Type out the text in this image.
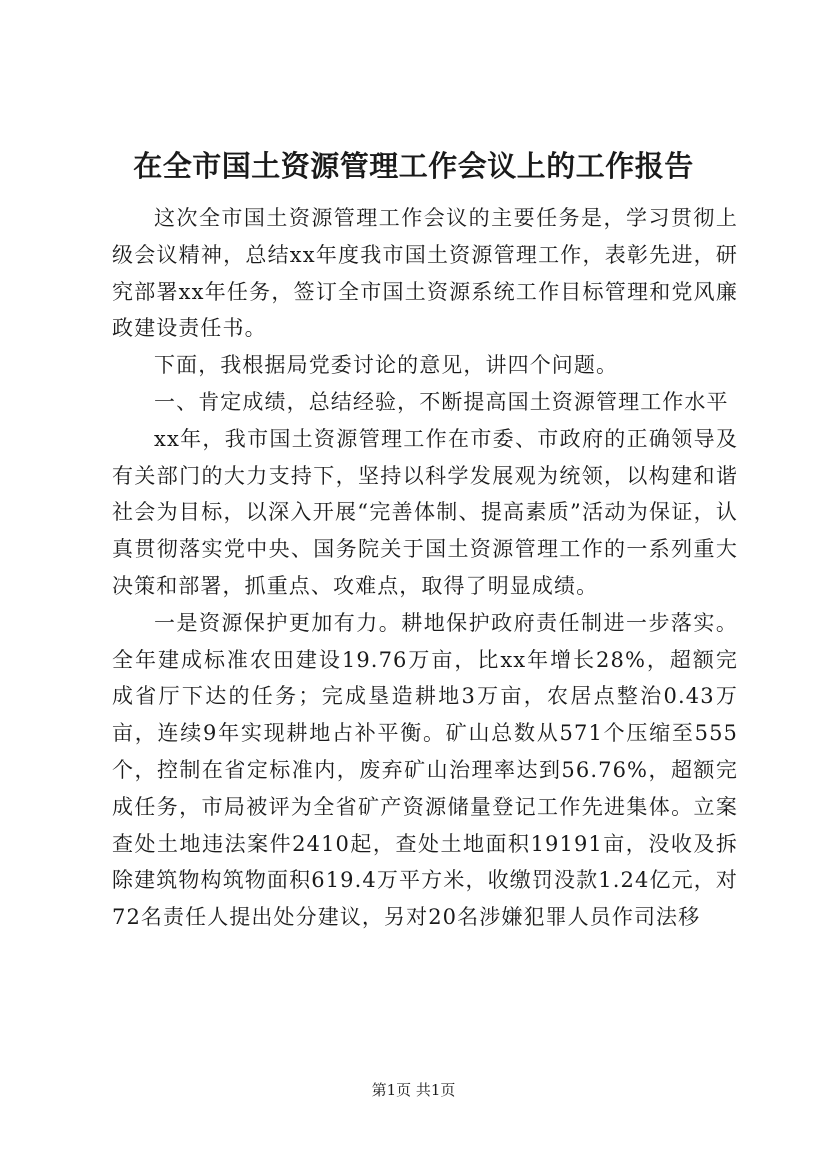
在全市国土资源管理工作会议上的工作报告

这次全市国土资源管理工作会议的主要任务是，学习贯彻上级会议精神，总结xx年度我市国土资源管理工作，表彰先进，研究部署xx年任务，签订全市国土资源系统工作目标管理和党风廉政建设责任书。

下面，我根据局党委讨论的意见，讲四个问题。

一、肯定成绩，总结经验，不断提高国土资源管理工作水平

xx年，我市国土资源管理工作在市委、市政府的正确领导及有关部门的大力支持下，坚持以科学发展观为统领，以构建和谐社会为目标，以深入开展“完善体制、提高素质”活动为保证，认真贯彻落实党中央、国务院关于国土资源管理工作的一系列重大决策和部署，抓重点、攻难点，取得了明显成绩。

一是资源保护更加有力。耕地保护政府责任制进一步落实。全年建成标准农田建设19.76万亩，比xx年增长28%，超额完成省厅下达的任务；完成垦造耕地3万亩，农居点整治0.43万亩，连续9年实现耕地占补平衡。矿山总数从571个压缩至555个，控制在省定标准内，废弃矿山治理率达到56.76%，超额完成任务，市局被评为全省矿产资源储量登记工作先进集体。立案查处土地违法案件2410起，查处土地面积19191亩，没收及拆除建筑物构筑物面积619.4万平方米，收缴罚没款1.24亿元，对72名责任人提出处分建议，另对20名涉嫌犯罪人员作司法移

第1页 共1页
